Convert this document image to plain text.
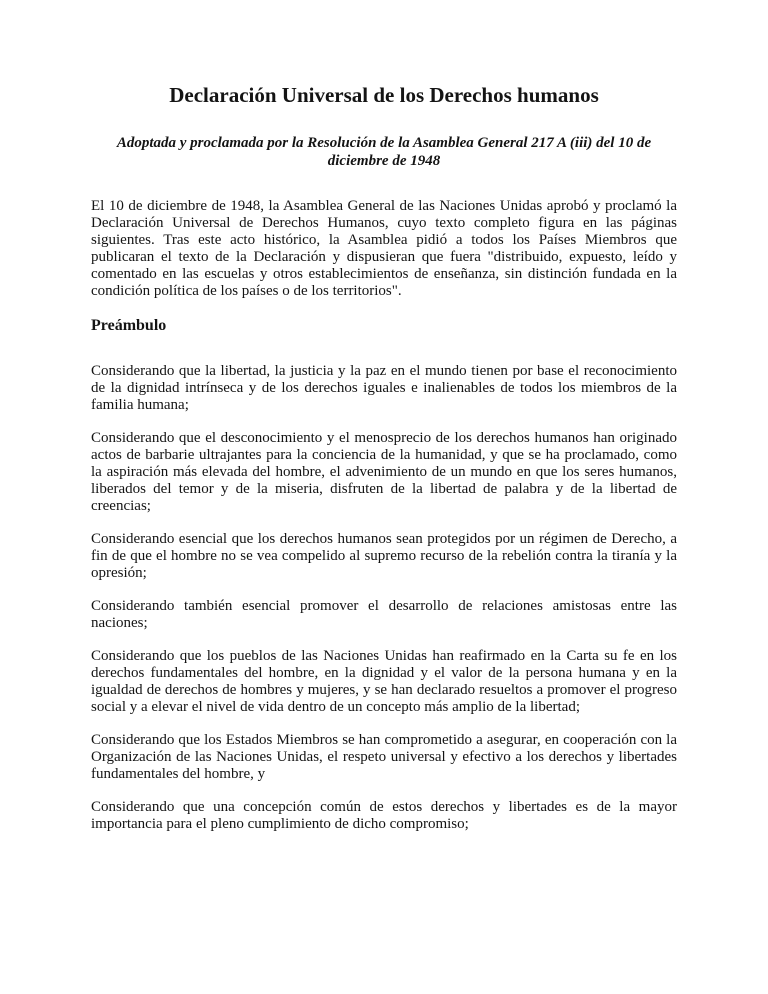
Declaración Universal de los Derechos humanos

Adoptada y proclamada por la Resolución de la Asamblea General 217 A (iii) del 10 de diciembre de 1948

El 10 de diciembre de 1948, la Asamblea General de las Naciones Unidas aprobó y proclamó la Declaración Universal de Derechos Humanos, cuyo texto completo figura en las páginas siguientes. Tras este acto histórico, la Asamblea pidió a todos los Países Miembros que publicaran el texto de la Declaración y dispusieran que fuera "distribuido, expuesto, leído y comentado en las escuelas y otros establecimientos de enseñanza, sin distinción fundada en la condición política de los países o de los territorios".

Preámbulo

Considerando que la libertad, la justicia y la paz en el mundo tienen por base el reconocimiento de la dignidad intrínseca y de los derechos iguales e inalienables de todos los miembros de la familia humana;

Considerando que el desconocimiento y el menosprecio de los derechos humanos han originado actos de barbarie ultrajantes para la conciencia de la humanidad, y que se ha proclamado, como la aspiración más elevada del hombre, el advenimiento de un mundo en que los seres humanos, liberados del temor y de la miseria, disfruten de la libertad de palabra y de la libertad de creencias;

Considerando esencial que los derechos humanos sean protegidos por un régimen de Derecho, a fin de que el hombre no se vea compelido al supremo recurso de la rebelión contra la tiranía y la opresión;

Considerando también esencial promover el desarrollo de relaciones amistosas entre las naciones;

Considerando que los pueblos de las Naciones Unidas han reafirmado en la Carta su fe en los derechos fundamentales del hombre, en la dignidad y el valor de la persona humana y en la igualdad de derechos de hombres y mujeres, y se han declarado resueltos a promover el progreso social y a elevar el nivel de vida dentro de un concepto más amplio de la libertad;

Considerando que los Estados Miembros se han comprometido a asegurar, en cooperación con la Organización de las Naciones Unidas, el respeto universal y efectivo a los derechos y libertades fundamentales del hombre, y

Considerando que una concepción común de estos derechos y libertades es de la mayor importancia para el pleno cumplimiento de dicho compromiso;
